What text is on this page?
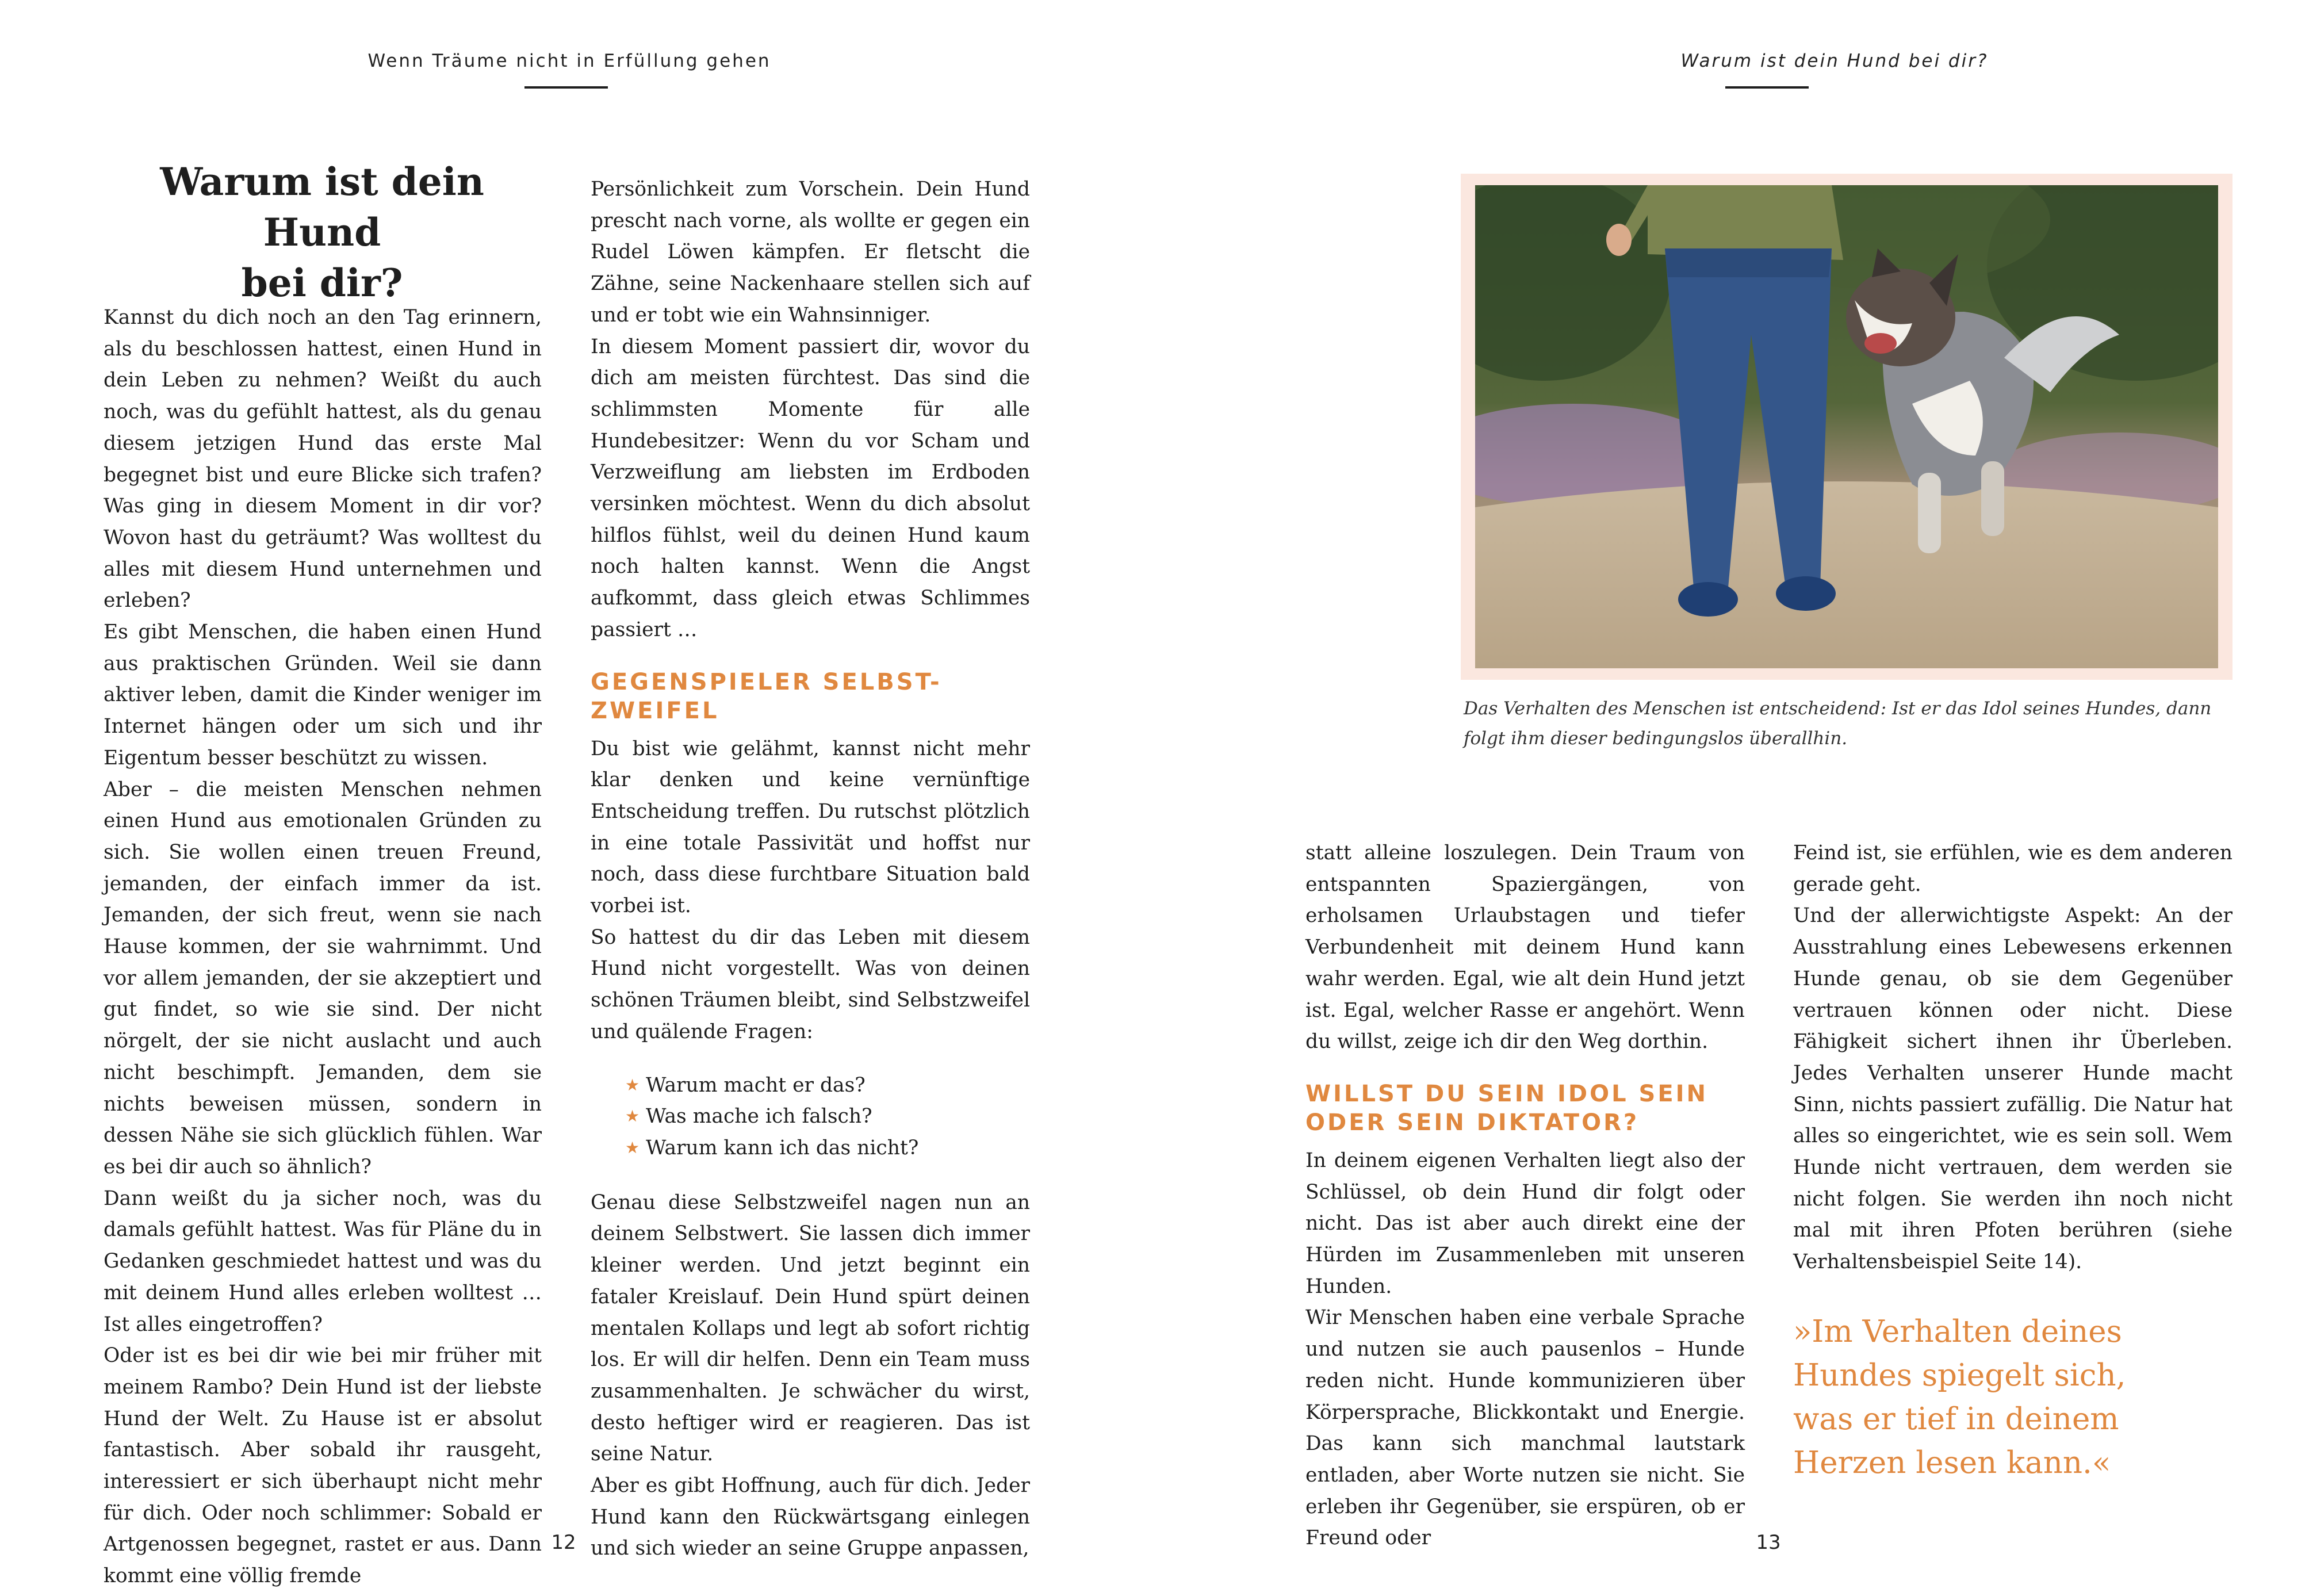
Wenn Träume nicht in Erfüllung gehen
Warum ist dein Hund
bei dir?

Kannst du dich noch an den Tag erinnern, als du beschlossen hattest, einen Hund in dein Leben zu nehmen? Weißt du auch noch, was du gefühlt hattest, als du genau diesem jetzigen Hund das erste Mal begegnet bist und eure Blicke sich trafen? Was ging in diesem Moment in dir vor? Wovon hast du geträumt? Was wolltest du alles mit diesem Hund unternehmen und erleben?

Es gibt Menschen, die haben einen Hund aus praktischen Gründen. Weil sie dann aktiver leben, damit die Kinder weniger im Internet hängen oder um sich und ihr Eigentum besser beschützt zu wissen.

Aber – die meisten Menschen nehmen einen Hund aus emotionalen Gründen zu sich. Sie wollen einen treuen Freund, jemanden, der einfach immer da ist. Jemanden, der sich freut, wenn sie nach Hause kommen, der sie wahrnimmt. Und vor allem jemanden, der sie akzeptiert und gut findet, so wie sie sind. Der nicht nörgelt, der sie nicht auslacht und auch nicht beschimpft. Jemanden, dem sie nichts beweisen müssen, sondern in dessen Nähe sie sich glücklich fühlen. War es bei dir auch so ähnlich?

Dann weißt du ja sicher noch, was du damals gefühlt hattest. Was für Pläne du in Gedanken geschmiedet hattest und was du mit deinem Hund alles erleben wolltest … Ist alles eingetroffen?

Oder ist es bei dir wie bei mir früher mit meinem Rambo? Dein Hund ist der liebste Hund der Welt. Zu Hause ist er absolut fantastisch. Aber sobald ihr rausgeht, interessiert er sich überhaupt nicht mehr für dich. Oder noch schlimmer: Sobald er Artgenossen begegnet, rastet er aus. Dann kommt eine völlig fremde

Persönlichkeit zum Vorschein. Dein Hund prescht nach vorne, als wollte er gegen ein Rudel Löwen kämpfen. Er fletscht die Zähne, seine Nackenhaare stellen sich auf und er tobt wie ein Wahnsinniger.

In diesem Moment passiert dir, wovor du dich am meisten fürchtest. Das sind die schlimmsten Momente für alle Hundebesitzer: Wenn du vor Scham und Verzweiflung am liebsten im Erdboden versinken möchtest. Wenn du dich absolut hilflos fühlst, weil du deinen Hund kaum noch halten kannst. Wenn die Angst aufkommt, dass gleich etwas Schlimmes passiert …

GEGENSPIELER SELBST-
ZWEIFEL

Du bist wie gelähmt, kannst nicht mehr klar denken und keine vernünftige Entscheidung treffen. Du rutschst plötzlich in eine totale Passivität und hoffst nur noch, dass diese furchtbare Situation bald vorbei ist.

So hattest du dir das Leben mit diesem Hund nicht vorgestellt. Was von deinen schönen Träumen bleibt, sind Selbstzweifel und quälende Fragen:

★ Warum macht er das?
★ Was mache ich falsch?
★ Warum kann ich das nicht?

Genau diese Selbstzweifel nagen nun an deinem Selbstwert. Sie lassen dich immer kleiner werden. Und jetzt beginnt ein fataler Kreislauf. Dein Hund spürt deinen mentalen Kollaps und legt ab sofort richtig los. Er will dir helfen. Denn ein Team muss zusammenhalten. Je schwächer du wirst, desto heftiger wird er reagieren. Das ist seine Natur.

Aber es gibt Hoffnung, auch für dich. Jeder Hund kann den Rückwärtsgang einlegen und sich wieder an seine Gruppe anpassen,

12
Warum ist dein Hund bei dir?
Das Verhalten des Menschen ist entscheidend: Ist er das Idol seines Hundes, dann folgt ihm dieser bedingungslos überallhin.

statt alleine loszulegen. Dein Traum von entspannten Spaziergängen, von erholsamen Urlaubstagen und tiefer Verbundenheit mit deinem Hund kann wahr werden. Egal, wie alt dein Hund jetzt ist. Egal, welcher Rasse er angehört. Wenn du willst, zeige ich dir den Weg dorthin.

WILLST DU SEIN IDOL SEIN
ODER SEIN DIKTATOR?

In deinem eigenen Verhalten liegt also der Schlüssel, ob dein Hund dir folgt oder nicht. Das ist aber auch direkt eine der Hürden im Zusammenleben mit unseren Hunden.

Wir Menschen haben eine verbale Sprache und nutzen sie auch pausenlos – Hunde reden nicht. Hunde kommunizieren über Körpersprache, Blickkontakt und Energie. Das kann sich manchmal lautstark entladen, aber Worte nutzen sie nicht. Sie erleben ihr Gegenüber, sie erspüren, ob er Freund oder

Feind ist, sie erfühlen, wie es dem anderen gerade geht.

Und der allerwichtigste Aspekt: An der Ausstrahlung eines Lebewesens erkennen Hunde genau, ob sie dem Gegenüber vertrauen können oder nicht. Diese Fähigkeit sichert ihnen ihr Überleben. Jedes Verhalten unserer Hunde macht Sinn, nichts passiert zufällig. Die Natur hat alles so eingerichtet, wie es sein soll. Wem Hunde nicht vertrauen, dem werden sie nicht folgen. Sie werden ihn noch nicht mal mit ihren Pfoten berühren (siehe Verhaltensbeispiel Seite 14).

»Im Verhalten deines Hundes spiegelt sich, was er tief in deinem Herzen lesen kann.«
13
